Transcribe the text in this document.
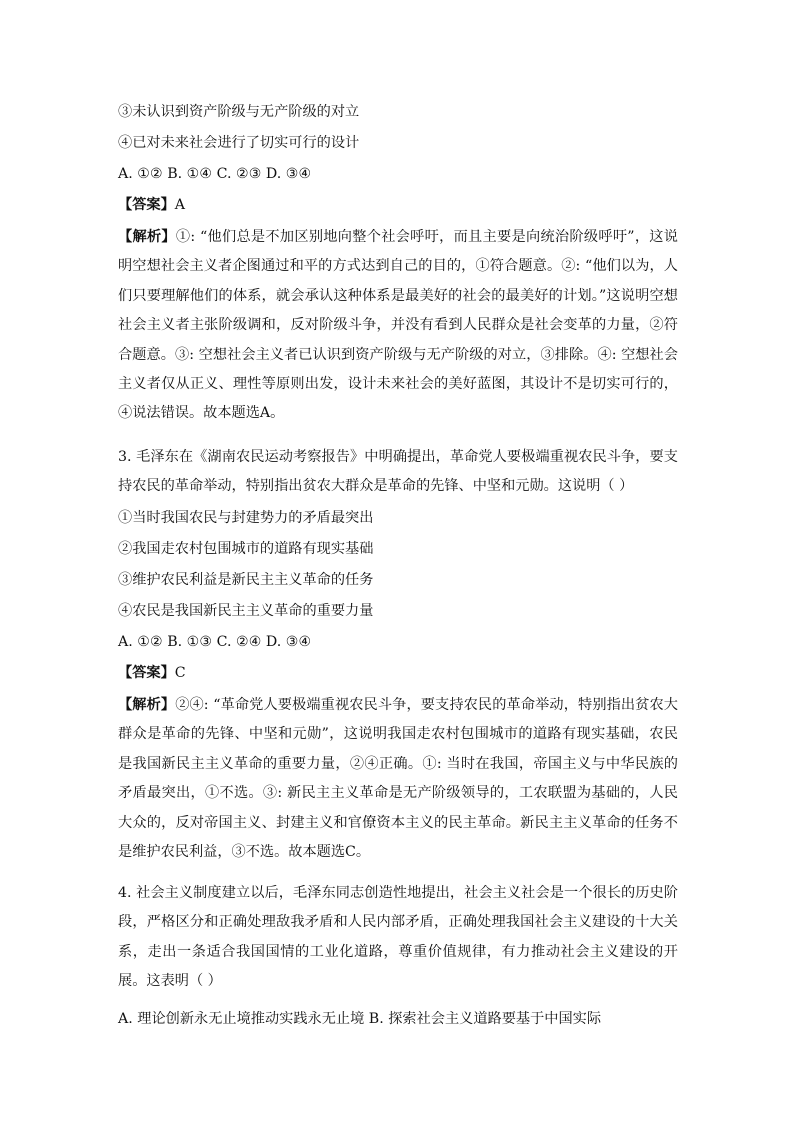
③未认识到资产阶级与无产阶级的对立
④已对未来社会进行了切实可行的设计
A. ①② B. ①④ C. ②③ D. ③④
【答案】A
【解析】①: “他们总是不加区别地向整个社会呼吁，而且主要是向统治阶级呼吁”，这说明空想社会主义者企图通过和平的方式达到自己的目的，①符合题意。②: “他们以为，人们只要理解他们的体系，就会承认这种体系是最美好的社会的最美好的计划。”这说明空想社会主义者主张阶级调和，反对阶级斗争，并没有看到人民群众是社会变革的力量，②符合题意。③: 空想社会主义者已认识到资产阶级与无产阶级的对立，③排除。④: 空想社会主义者仅从正义、理性等原则出发，设计未来社会的美好蓝图，其设计不是切实可行的，④说法错误。故本题选A。
3. 毛泽东在《湖南农民运动考察报告》中明确提出，革命党人要极端重视农民斗争，要支持农民的革命举动，特别指出贫农大群众是革命的先锋、中坚和元勋。这说明（ ）
①当时我国农民与封建势力的矛盾最突出
②我国走农村包围城市的道路有现实基础
③维护农民利益是新民主主义革命的任务
④农民是我国新民主主义革命的重要力量
A. ①② B. ①③ C. ②④ D. ③④
【答案】C
【解析】②④: “革命党人要极端重视农民斗争，要支持农民的革命举动，特别指出贫农大群众是革命的先锋、中坚和元勋”，这说明我国走农村包围城市的道路有现实基础，农民是我国新民主主义革命的重要力量，②④正确。①: 当时在我国，帝国主义与中华民族的矛盾最突出，①不选。③: 新民主主义革命是无产阶级领导的，工农联盟为基础的，人民大众的，反对帝国主义、封建主义和官僚资本主义的民主革命。新民主主义革命的任务不是维护农民利益，③不选。故本题选C。
4. 社会主义制度建立以后，毛泽东同志创造性地提出，社会主义社会是一个很长的历史阶段，严格区分和正确处理敌我矛盾和人民内部矛盾，正确处理我国社会主义建设的十大关系，走出一条适合我国国情的工业化道路，尊重价值规律，有力推动社会主义建设的开展。这表明（ ）
A. 理论创新永无止境推动实践永无止境 B. 探索社会主义道路要基于中国实际
